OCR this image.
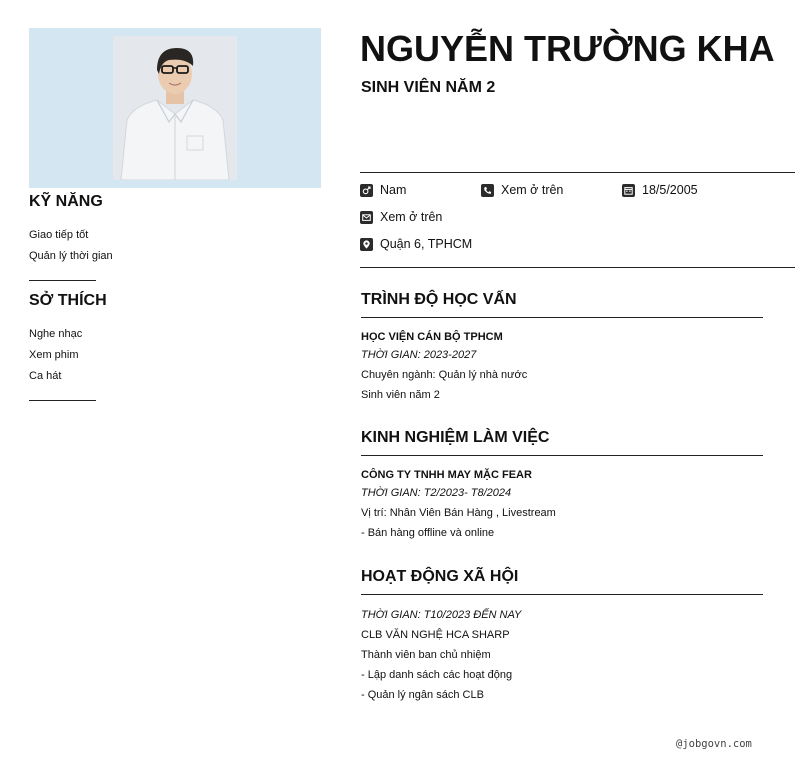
KỸ NĂNG
Giao tiếp tốt
Quản lý thời gian
SỞ THÍCH
Nghe nhạc
Xem phim
Ca hát
NGUYỄN TRƯỜNG KHA
SINH VIÊN NĂM 2
Nam	Xem ở trên	18/5/2005
Xem ở trên
Quận 6, TPHCM
TRÌNH ĐỘ HỌC VẤN
HỌC VIỆN CÁN BỘ TPHCM
THỜI GIAN: 2023-2027
Chuyên ngành: Quản lý nhà nước
Sinh viên năm 2
KINH NGHIỆM LÀM VIỆC
CÔNG TY TNHH MAY MẶC FEAR
THỜI GIAN: T2/2023- T8/2024
Vị trí: Nhân Viên Bán Hàng , Livestream
- Bán hàng offline và online
HOẠT ĐỘNG XÃ HỘI
THỜI GIAN: T10/2023 ĐẾN NAY
CLB VĂN NGHỆ HCA SHARP
Thành viên ban chủ nhiệm
- Lập danh sách các hoạt động
- Quản lý ngân sách CLB
@jobgovn.com
